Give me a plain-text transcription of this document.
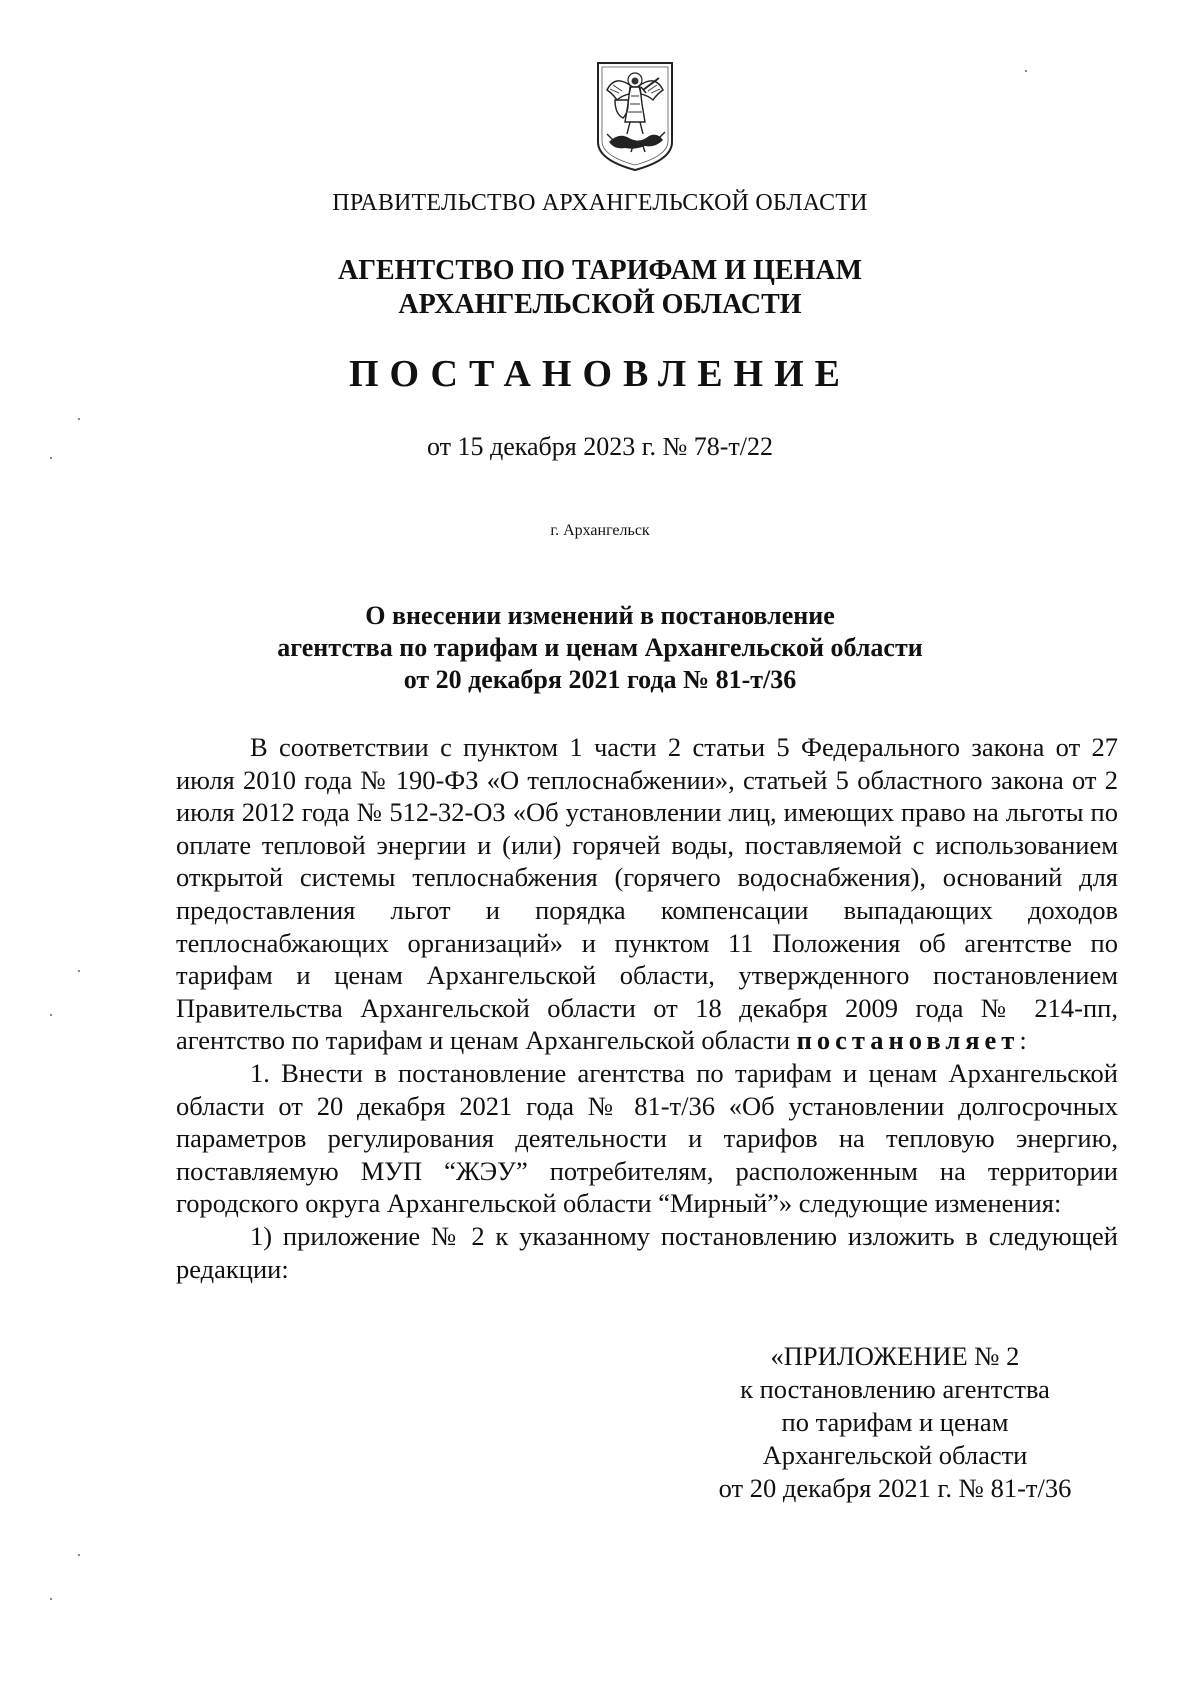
ПРАВИТЕЛЬСТВО АРХАНГЕЛЬСКОЙ ОБЛАСТИ
АГЕНТСТВО ПО ТАРИФАМ И ЦЕНАМ
АРХАНГЕЛЬСКОЙ ОБЛАСТИ
ПОСТАНОВЛЕНИЕ
от 15 декабря 2023 г. № 78-т/22
г. Архангельск
О внесении изменений в постановление
агентства по тарифам и ценам Архангельской области
от 20 декабря 2021 года № 81-т/36

В соответствии с пунктом 1 части 2 статьи 5 Федерального закона от 27 июля 2010 года № 190-ФЗ «О теплоснабжении», статьей 5 областного закона от 2 июля 2012 года № 512-32-ОЗ «Об установлении лиц, имеющих право на льготы по оплате тепловой энергии и (или) горячей воды, поставляемой с использованием открытой системы теплоснабжения (горячего водоснабжения), оснований для предоставления льгот и порядка компенсации выпадающих доходов теплоснабжающих организаций» и пунктом 11 Положения об агентстве по тарифам и ценам Архангельской области, утвержденного постановлением Правительства Архангельской области от 18 декабря 2009 года № 214-пп, агентство по тарифам и ценам Архангельской области постановляет:

1. Внести в постановление агентства по тарифам и ценам Архангельской области от 20 декабря 2021 года № 81-т/36 «Об установлении долгосрочных параметров регулирования деятельности и тарифов на тепловую энергию, поставляемую МУП “ЖЭУ” потребителям, расположенным на территории городского округа Архангельской области “Мирный”» следующие изменения:

1) приложение № 2 к указанному постановлению изложить в следующей редакции:

«ПРИЛОЖЕНИЕ № 2
к постановлению агентства
по тарифам и ценам
Архангельской области
от 20 декабря 2021 г. № 81-т/36
